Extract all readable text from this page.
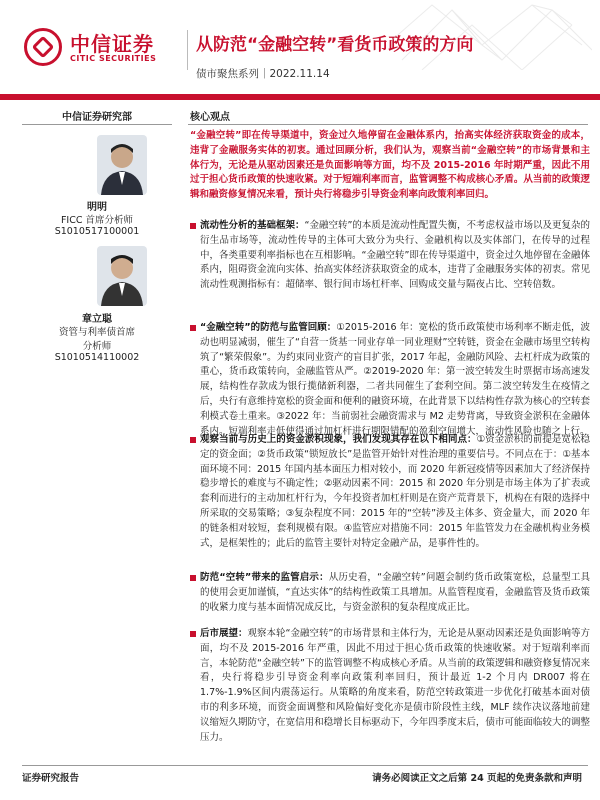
中信证券
CITIC SECURITIES
从防范“金融空转”看货币政策的方向
债市聚焦系列｜2022.11.14
中信证券研究部
明明
FICC 首席分析师
S1010517100001
章立聪
资管与利率债首席
分析师
S1010514110002
核心观点
“金融空转”即在传导渠道中，资金过久地停留在金融体系内，抬高实体经济获取资金的成本，违背了金融服务实体的初衷。通过回顾分析，我们认为，观察当前“金融空转”的市场背景和主体行为，无论是从驱动因素还是负面影响等方面，均不及 2015-2016 年时期严重，因此不用过于担心货币政策的快速收紧。对于短端利率而言，监管调整不构成核心矛盾。从当前的政策逻辑和融资修复情况来看，预计央行将稳步引导资金利率向政策利率回归。
流动性分析的基础框架：“金融空转”的本质是流动性配置失衡，不考虑权益市场以及更复杂的衍生品市场等，流动性传导的主体可大致分为央行、金融机构以及实体部门，在传导的过程中，各类重要利率指标也在互相影响。“金融空转”即在传导渠道中，资金过久地停留在金融体系内，阻碍资金流向实体、抬高实体经济获取资金的成本，违背了金融服务实体的初衷。常见流动性观测指标有：超储率、银行间市场杠杆率、回购成交量与隔夜占比、空转倍数。
“金融空转”的防范与监管回顾：①2015-2016 年：宽松的货币政策使市场利率不断走低，波动也明显减弱，催生了“自营一货基一同业存单一同业理财”空转链，资金在金融市场里空转构筑了“繁荣假象”。为约束同业资产的盲目扩张，2017 年起，金融防风险、去杠杆成为政策的重心，货币政策转向，金融监管从严。②2019-2020 年：第一波空转发生时票据市场高速发展，结构性存款成为银行揽储新利器，二者共同催生了套利空间。第二波空转发生在疫情之后，央行有意维持宽松的资金面和便利的融资环境，在此背景下以结构性存款为核心的空转套利模式卷土重来。③2022 年：当前弱社会融资需求与 M2 走势背离，导致资金淤积在金融体系内。短端利率走低使得通过加杠杆进行期限错配的盈利空间增大，流动性风险也随之上行。
观察当前与历史上的资金淤积现象，我们发现其存在以下相同点：①资金淤积的前提是宽松稳定的资金面；②货币政策“锁短放长”是监管开始针对性治理的重要信号。不同点在于：①基本面环境不同：2015 年国内基本面压力相对较小，而 2020 年新冠疫情等因素加大了经济保持稳步增长的难度与不确定性；②驱动因素不同：2015 和 2020 年分别是市场主体为了扩表或套利而进行的主动加杠杆行为，今年投资者加杠杆则是在资产荒背景下，机构在有限的选择中所采取的交易策略；③复杂程度不同：2015 年的“空转”涉及主体多、资金量大，而 2020 年的链条相对较短，套利规模有限。④监管应对措施不同：2015 年监管发力在金融机构业务模式，是框架性的；此后的监管主要针对特定金融产品，是事件性的。
防范“空转”带来的监管启示：从历史看，“金融空转”问题会制约货币政策宽松，总量型工具的使用会更加谨慎，“直达实体”的结构性政策工具增加。从监管程度看，金融监管及货币政策的收紧力度与基本面情况成反比，与资金淤积的复杂程度成正比。
后市展望：观察本轮“金融空转”的市场背景和主体行为，无论是从驱动因素还是负面影响等方面，均不及 2015-2016 年严重，因此不用过于担心货币政策的快速收紧。对于短端利率而言，本轮防范“金融空转”下的监管调整不构成核心矛盾。从当前的政策逻辑和融资修复情况来看，央行将稳步引导资金利率向政策利率回归，预计最近 1-2 个月内 DR007 将在 1.7%-1.9%区间内震荡运行。从策略的角度来看，防范空转政策进一步优化打破基本面对债市的利多环境，而资金面调整和风险偏好变化亦是债市阶段性主线，MLF 续作决议落地前建议缩短久期防守，在宽信用和稳增长目标驱动下，今年四季度末后，债市可能面临较大的调整压力。
证券研究报告	请务必阅读正文之后第 24 页起的免责条款和声明
